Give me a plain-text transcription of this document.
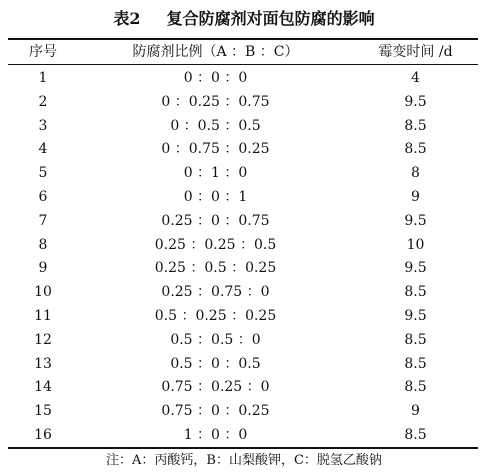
表2 复合防腐剂对面包防腐的影响
序号	防腐剂比例（A ：B ：C）	霉变时间 /d
1	0 ：0 ：0	4
2	0 ：0.25 ：0.75	9.5
3	0 ：0.5 ：0.5	8.5
4	0 ：0.75 ：0.25	8.5
5	0 ：1 ：0	8
6	0 ：0 ：1	9
7	0.25 ：0 ：0.75	9.5
8	0.25 ：0.25 ：0.5	10
9	0.25 ：0.5 ：0.25	9.5
10	0.25 ：0.75 ：0	8.5
11	0.5 ：0.25 ：0.25	9.5
12	0.5 ：0.5 ：0	8.5
13	0.5 ：0 ：0.5	8.5
14	0.75 ：0.25 ：0	8.5
15	0.75 ：0 ：0.25	9
16	1 ：0 ：0	8.5
注：A：丙酸钙，B：山梨酸钾，C：脱氢乙酸钠
